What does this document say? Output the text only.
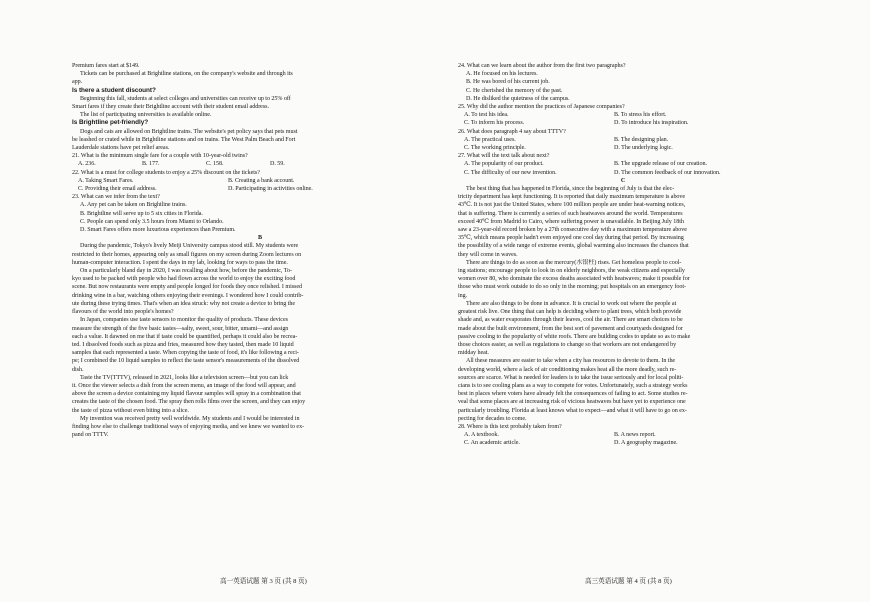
Premium fares start at $149.
Tickets can be purchased at Brightline stations, on the company's website and through its
app.
Is there a student discount?
Beginning this fall, students at select colleges and universities can receive up to 25% off
Smart fares if they create their Brightline account with their student email address.
The list of participating universities is available online.
Is Brightline pet-friendly?
Dogs and cats are allowed on Brightline trains. The website's pet policy says that pets must
be leashed or crated while in Brightline stations and on trains. The West Palm Beach and Fort
Lauderdale stations have pet relief areas.
21. What is the minimum single fare for a couple with 10-year-old twins?
A. 236.	B. 177.	C. 158.	D. 59.
22. What is a must for college students to enjoy a 25% discount on the tickets?
A. Taking Smart Fares.	B. Creating a bank account.
C. Providing their email address.	D. Participating in activities online.
23. What can we infer from the text?
A. Any pet can be taken on Brightline trains.
B. Brightline will serve up to 5 six cities in Florida.
C. People can spend only 3.5 hours from Miami to Orlando.
D. Smart Fares offers more luxurious experiences than Premium.
B
During the pandemic, Tokyo's lively Meiji University campus stood still. My students were
restricted to their homes, appearing only as small figures on my screen during Zoom lectures on
human-computer interaction. I spent the days in my lab, looking for ways to pass the time.
On a particularly bland day in 2020, I was recalling about how, before the pandemic, To-
kyo used to be packed with people who had flown across the world to enjoy the exciting food
scene. But now restaurants were empty and people longed for foods they once relished. I missed
drinking wine in a bar, watching others enjoying their evenings. I wondered how I could contrib-
ute during these trying times. That's when an idea struck: why not create a device to bring the
flavours of the world into people's homes?
In Japan, companies use taste sensors to monitor the quality of products. These devices
measure the strength of the five basic tastes—salty, sweet, sour, bitter, umami—and assign
each a value. It dawned on me that if taste could be quantified, perhaps it could also be recrea-
ted. I dissolved foods such as pizza and fries, measured how they tasted, then made 10 liquid
samples that each represented a taste. When copying the taste of food, it's like following a reci-
pe; I combined the 10 liquid samples to reflect the taste sensor's measurements of the dissolved
dish.
Taste the TV(TTTV), released in 2021, looks like a television screen—but you can lick
it. Once the viewer selects a dish from the screen menu, an image of the food will appear, and
above the screen a device containing my liquid flavour samples will spray in a combination that
creates the taste of the chosen food. The spray then rolls films over the screen, and they can enjoy
the taste of pizza without even biting into a slice.
My invention was received pretty well worldwide. My students and I would be interested in
finding how else to challenge traditional ways of enjoying media, and we knew we wanted to ex-
pand on TTTV.
24. What can we learn about the author from the first two paragraphs?
A. He focused on his lectures.
B. He was bored of his current job.
C. He cherished the memory of the past.
D. He disliked the quietness of the campus.
25. Why did the author mention the practices of Japanese companies?
A. To test his idea.	B. To stress his effort.
C. To inform his process.	D. To introduce his inspiration.
26. What does paragraph 4 say about TTTV?
A. The practical uses.	B. The designing plan.
C. The working principle.	D. The underlying logic.
27. What will the text talk about next?
A. The popularity of our product.	B. The upgrade release of our creation.
C. The difficulty of our new invention.	D. The common feedback of our innovation.
C
The best thing that has happened in Florida, since the beginning of July is that the elec-
tricity department has kept functioning. It is reported that daily maximum temperature is above
43℃. It is not just the United States, where 100 million people are under heat-warning notices,
that is suffering. There is currently a series of such heatwaves around the world. Temperatures
exceed 40℃ from Madrid to Cairo, where suffering power is unavailable. In Beijing July 18th
saw a 23-year-old record broken by a 27th consecutive day with a maximum temperature above
35℃, which means people hadn't even enjoyed one cool day during that period. By increasing
the possibility of a wide range of extreme events, global warming also increases the chances that
they will come in waves.
There are things to do as soon as the mercury(水银柱) rises. Get homeless people to cool-
ing stations; encourage people to look in on elderly neighbors, the weak citizens and especially
women over 80, who dominate the excess deaths associated with heatwaves; make it possible for
those who must work outside to do so only in the morning; put hospitals on an emergency foot-
ing.
There are also things to be done in advance. It is crucial to work out where the people at
greatest risk live. One thing that can help is deciding where to plant trees, which both provide
shade and, as water evaporates through their leaves, cool the air. There are smart choices to be
made about the built environment, from the best sort of pavement and courtyards designed for
passive cooling to the popularity of white roofs. There are building codes to update so as to make
those choices easier, as well as regulations to change so that workers are not endangered by
midday heat.
All these measures are easier to take when a city has resources to devote to them. In the
developing world, where a lack of air conditioning makes heat all the more deadly, such re-
sources are scarce. What is needed for leaders is to take the issue seriously and for local politi-
cians is to see cooling plans as a way to compete for votes. Unfortunately, such a strategy works
best in places where voters have already felt the consequences of failing to act. Some studies re-
veal that some places are at increasing risk of vicious heatwaves but have yet to experience one
particularly troubling. Florida at least knows what to expect—and what it will have to go on ex-
pecting for decades to come.
28. Where is this text probably taken from?
A. A textbook.	B. A news report.
C. An academic article.	D. A geography magazine.
高一英语试题 第 3 页 (共 8 页)	高三英语试题 第 4 页 (共 8 页)
